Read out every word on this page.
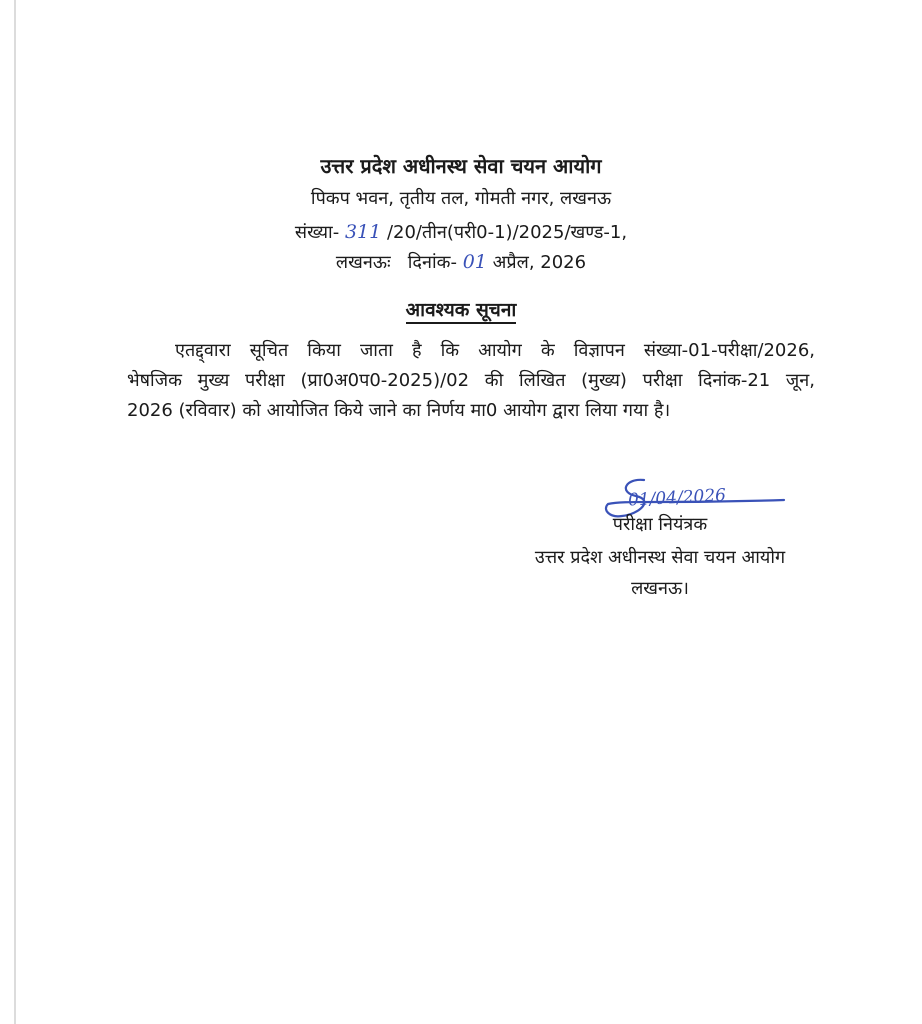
उत्तर प्रदेश अधीनस्थ सेवा चयन आयोग
पिकप भवन, तृतीय तल, गोमती नगर, लखनऊ
संख्या- 311 /20/तीन(परी0-1)/2025/खण्ड-1,
लखनऊः दिनांक- 01 अप्रैल, 2026
आवश्यक सूचना
एतद्द्वारा सूचित किया जाता है कि आयोग के विज्ञापन संख्या-01-परीक्षा/2026,
भेषजिक मुख्य परीक्षा (प्रा0अ0प0-2025)/02 की लिखित (मुख्य) परीक्षा दिनांक-21 जून,
2026 (रविवार) को आयोजित किये जाने का निर्णय मा0 आयोग द्वारा लिया गया है।
01/04/2026
परीक्षा नियंत्रक
उत्तर प्रदेश अधीनस्थ सेवा चयन आयोग
लखनऊ।
